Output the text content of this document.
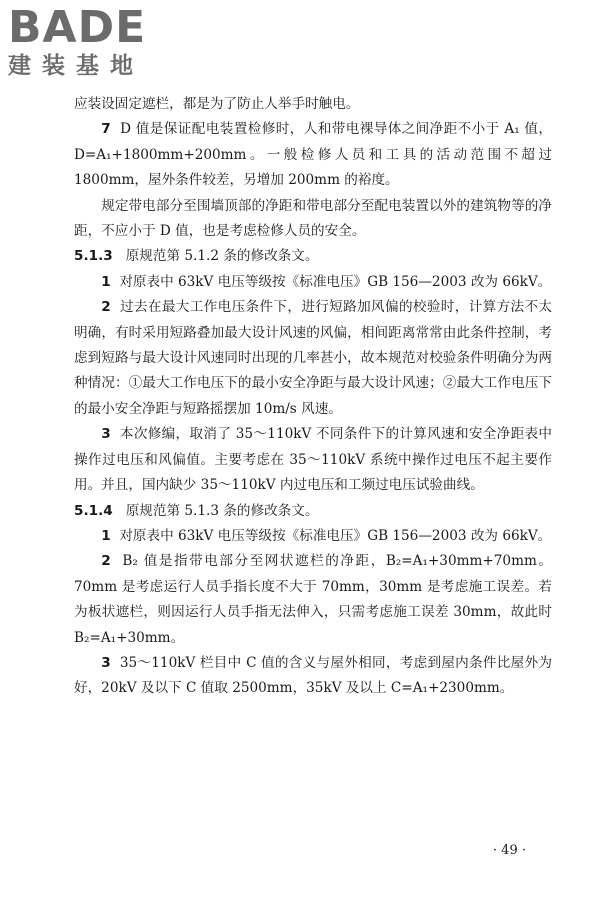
BADE
建装基地

应装设固定遮栏，都是为了防止人举手时触电。

7 D 值是保证配电装置检修时，人和带电裸导体之间净距不小于 A₁ 值，D=A₁+1800mm+200mm。一般检修人员和工具的活动范围不超过 1800mm，屋外条件较差，另增加 200mm 的裕度。

规定带电部分至围墙顶部的净距和带电部分至配电装置以外的建筑物等的净距，不应小于 D 值，也是考虑检修人员的安全。

5.1.3 原规范第 5.1.2 条的修改条文。

1 对原表中 63kV 电压等级按《标准电压》GB 156—2003 改为 66kV。

2 过去在最大工作电压条件下，进行短路加风偏的校验时，计算方法不太明确，有时采用短路叠加最大设计风速的风偏，相间距离常常由此条件控制，考虑到短路与最大设计风速同时出现的几率甚小，故本规范对校验条件明确分为两种情况：①最大工作电压下的最小安全净距与最大设计风速；②最大工作电压下的最小安全净距与短路摇摆加 10m/s 风速。

3 本次修编，取消了 35～110kV 不同条件下的计算风速和安全净距表中操作过电压和风偏值。主要考虑在 35～110kV 系统中操作过电压不起主要作用。并且，国内缺少 35～110kV 内过电压和工频过电压试验曲线。

5.1.4 原规范第 5.1.3 条的修改条文。

1 对原表中 63kV 电压等级按《标准电压》GB 156—2003 改为 66kV。

2 B₂ 值是指带电部分至网状遮栏的净距，B₂=A₁+30mm+70mm。70mm 是考虑运行人员手指长度不大于 70mm，30mm 是考虑施工误差。若为板状遮栏，则因运行人员手指无法伸入，只需考虑施工误差 30mm，故此时 B₂=A₁+30mm。

3 35～110kV 栏目中 C 值的含义与屋外相同，考虑到屋内条件比屋外为好，20kV 及以下 C 值取 2500mm，35kV 及以上 C=A₁+2300mm。

· 49 ·
